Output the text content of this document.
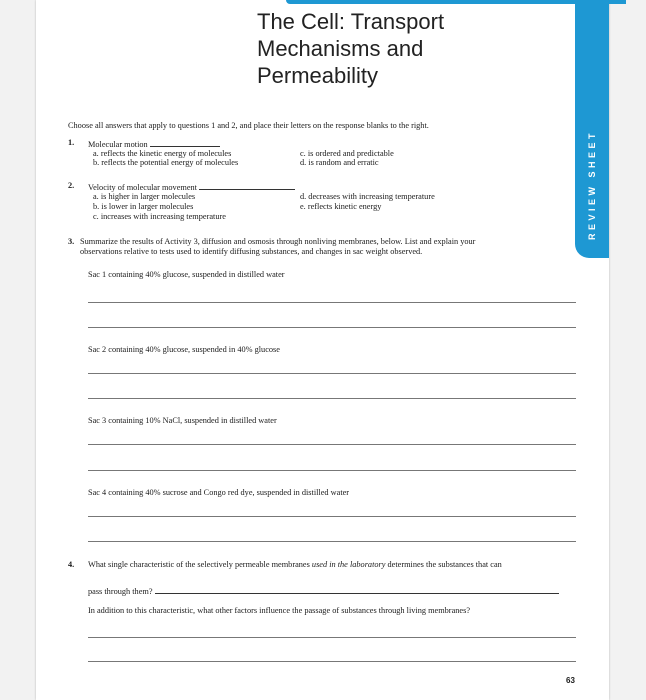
The Cell: Transport
Mechanisms and
Permeability
REVIEW SHEET
Choose all answers that apply to questions 1 and 2, and place their letters on the response blanks to the right.
1. Molecular motion
a. reflects the kinetic energy of molecules
b. reflects the potential energy of molecules
c. is ordered and predictable
d. is random and erratic
2. Velocity of molecular movement
a. is higher in larger molecules
b. is lower in larger molecules
c. increases with increasing temperature
d. decreases with increasing temperature
e. reflects kinetic energy
3. Summarize the results of Activity 3, diffusion and osmosis through nonliving membranes, below. List and explain your
observations relative to tests used to identify diffusing substances, and changes in sac weight observed.
Sac 1 containing 40% glucose, suspended in distilled water
Sac 2 containing 40% glucose, suspended in 40% glucose
Sac 3 containing 10% NaCl, suspended in distilled water
Sac 4 containing 40% sucrose and Congo red dye, suspended in distilled water
4. What single characteristic of the selectively permeable membranes used in the laboratory determines the substances that can
pass through them?
In addition to this characteristic, what other factors influence the passage of substances through living membranes?
63
